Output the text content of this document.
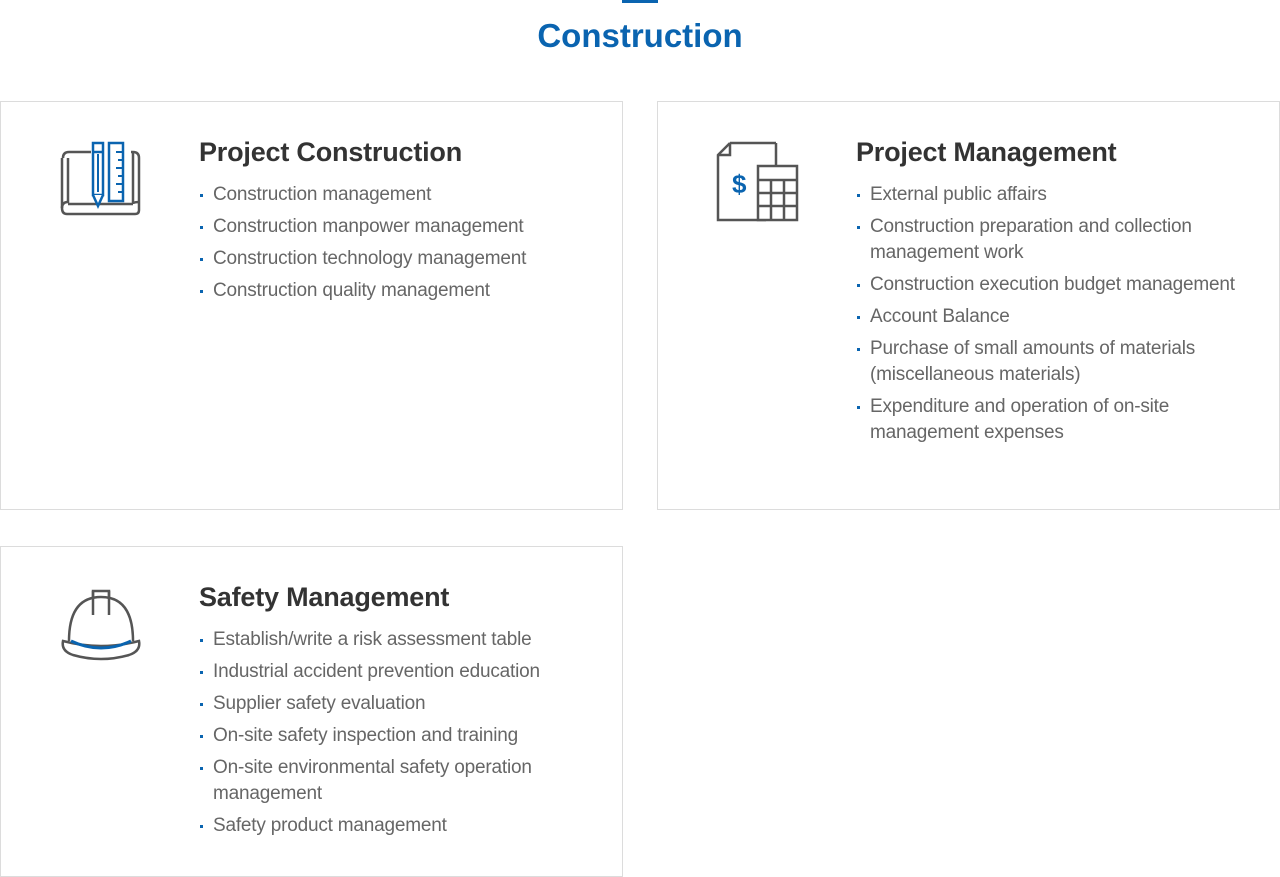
Construction
Project Construction
Construction management
Construction manpower management
Construction technology management
Construction quality management
$
Project Management
External public affairs
Construction preparation and collection management work
Construction execution budget management
Account Balance
Purchase of small amounts of materials (miscellaneous materials)
Expenditure and operation of on-site management expenses
Safety Management
Establish/write a risk assessment table
Industrial accident prevention education
Supplier safety evaluation
On-site safety inspection and training
On-site environmental safety operation management
Safety product management
